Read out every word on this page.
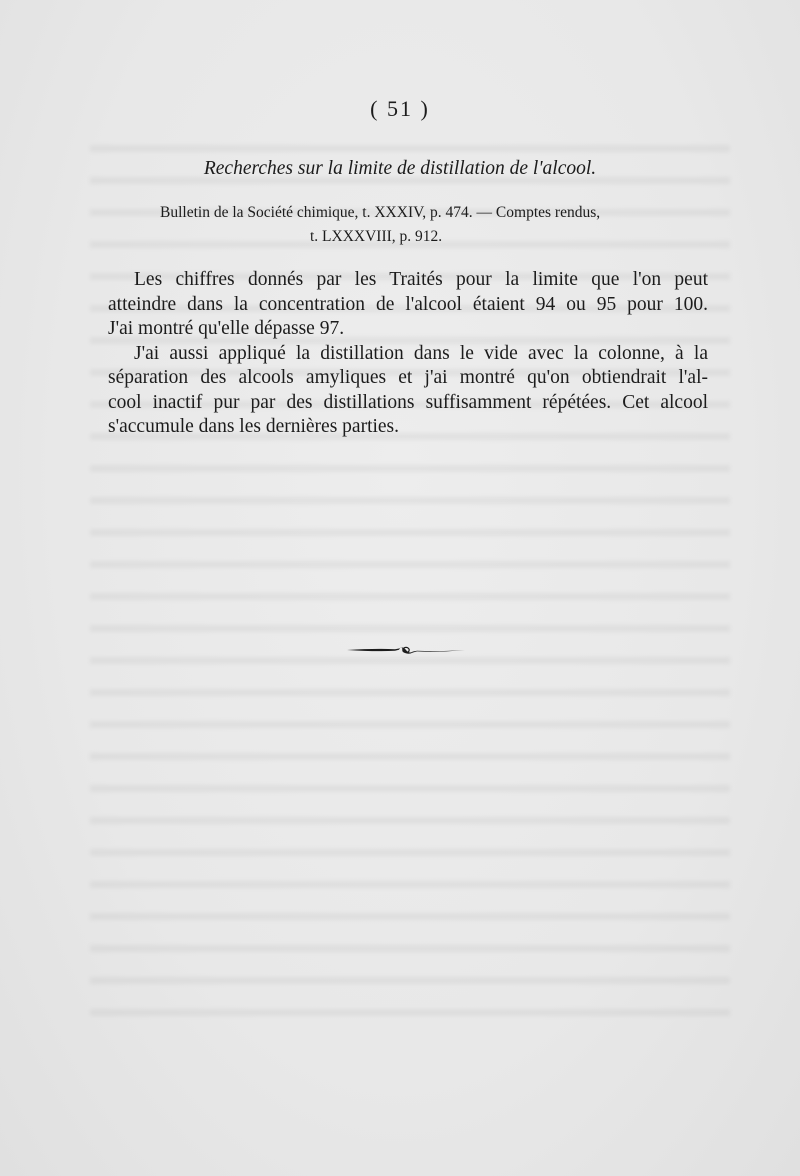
( 51 )
Recherches sur la limite de distillation de l'alcool.
Bulletin de la Société chimique, t. XXXIV, p. 474. — Comptes rendus,
t. LXXXVIII, p. 912.
Les chiffres donnés par les Traités pour la limite que l'on peut
atteindre dans la concentration de l'alcool étaient 94 ou 95 pour 100.
J'ai montré qu'elle dépasse 97.
J'ai aussi appliqué la distillation dans le vide avec la colonne, à la
séparation des alcools amyliques et j'ai montré qu'on obtiendrait l'al-
cool inactif pur par des distillations suffisamment répétées. Cet alcool
s'accumule dans les dernières parties.
